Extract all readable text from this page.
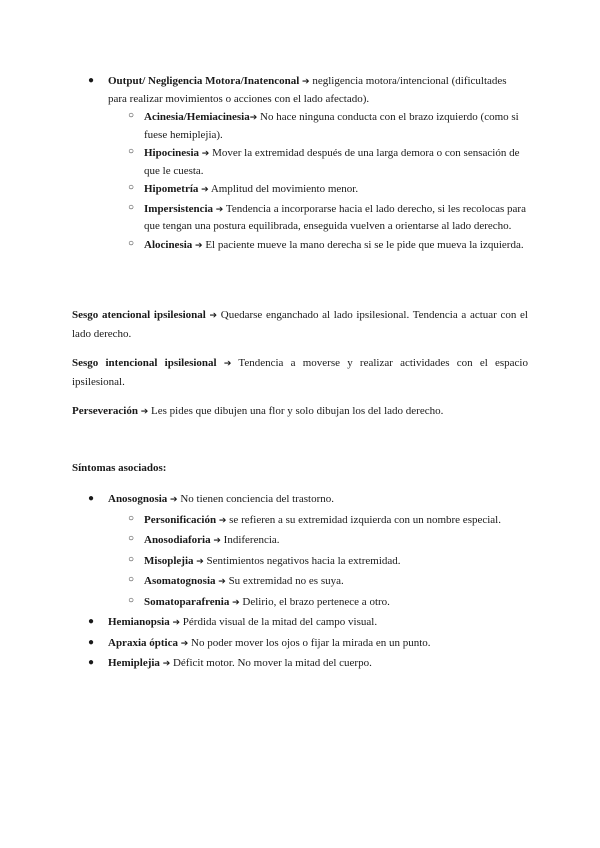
● Output/ Negligencia Motora/Inatenconal ➔ negligencia motora/intencional (dificultades para realizar movimientos o acciones con el lado afectado).
○ Acinesia/Hemiacinesia➔ No hace ninguna conducta con el brazo izquierdo (como si fuese hemiplejia).
○ Hipocinesia ➔ Mover la extremidad después de una larga demora o con sensación de que le cuesta.
○ Hipometría ➔ Amplitud del movimiento menor.
○ Impersistencia ➔ Tendencia a incorporarse hacia el lado derecho, si les recolocas para que tengan una postura equilibrada, enseguida vuelven a orientarse al lado derecho.
○ Alocinesia ➔ El paciente mueve la mano derecha si se le pide que mueva la izquierda.

Sesgo atencional ipsilesional ➔ Quedarse enganchado al lado ipsilesional. Tendencia a actuar con el lado derecho.

Sesgo intencional ipsilesional ➔ Tendencia a moverse y realizar actividades con el espacio ipsilesional.

Perseveración ➔ Les pides que dibujen una flor y solo dibujan los del lado derecho.

Síntomas asociados:
● Anosognosia ➔ No tienen conciencia del trastorno.
○ Personificación ➔ se refieren a su extremidad izquierda con un nombre especial.
○ Anosodiaforia ➔ Indiferencia.
○ Misoplejia ➔ Sentimientos negativos hacia la extremidad.
○ Asomatognosia ➔ Su extremidad no es suya.
○ Somatoparafrenia ➔ Delirio, el brazo pertenece a otro.
● Hemianopsia ➔ Pérdida visual de la mitad del campo visual.
● Apraxia óptica ➔ No poder mover los ojos o fijar la mirada en un punto.
● Hemiplejia ➔ Déficit motor. No mover la mitad del cuerpo.
